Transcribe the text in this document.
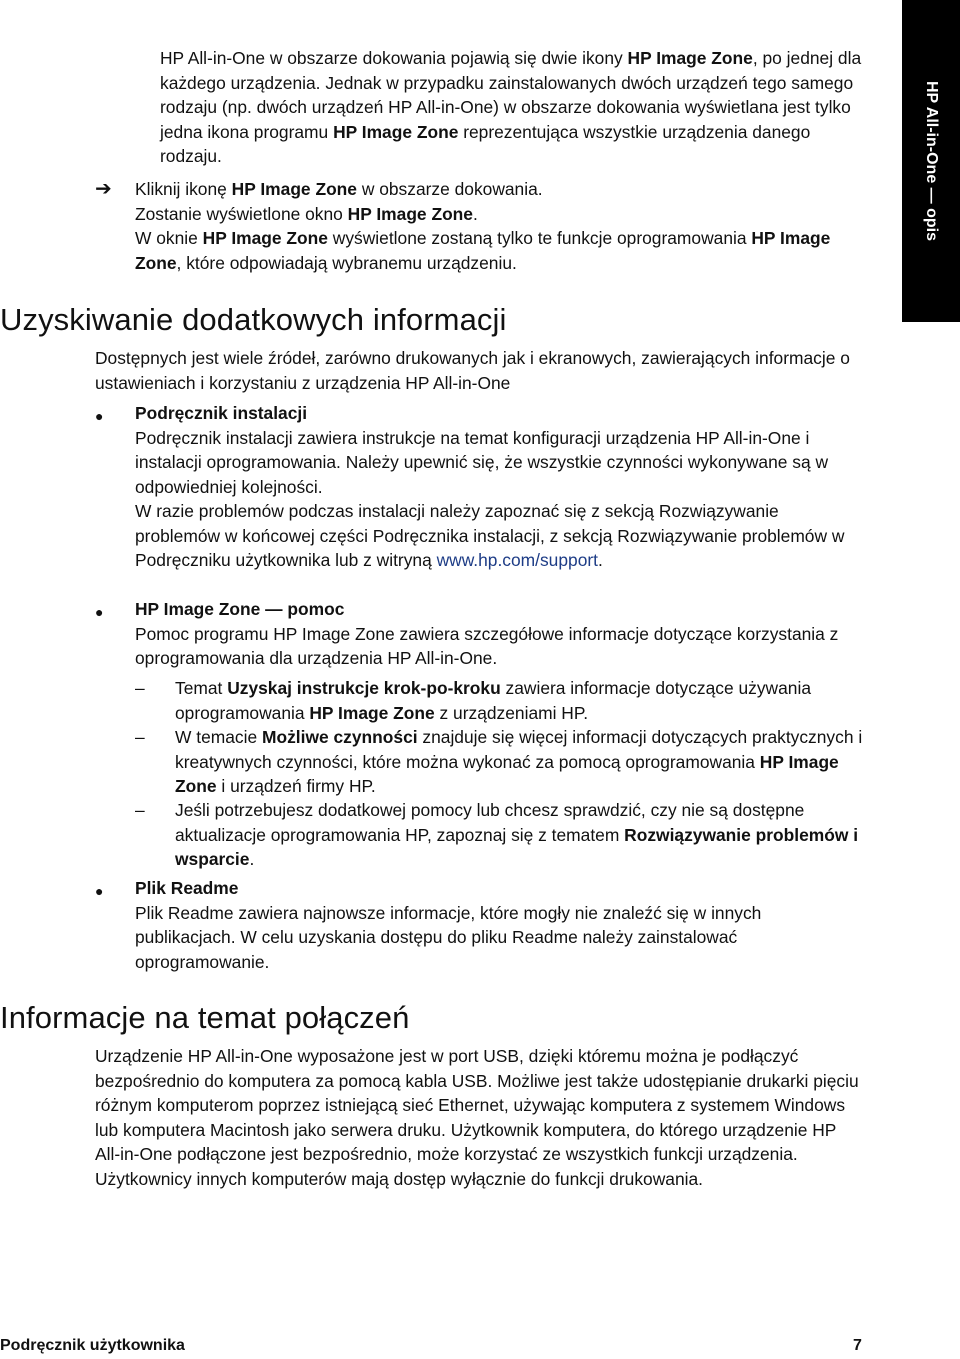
HP All-in-One — opis

HP All-in-One w obszarze dokowania pojawią się dwie ikony HP Image Zone, po jednej dla każdego urządzenia. Jednak w przypadku zainstalowanych dwóch urządzeń tego samego rodzaju (np. dwóch urządzeń HP All-in-One) w obszarze dokowania wyświetlana jest tylko jedna ikona programu HP Image Zone reprezentująca wszystkie urządzenia danego rodzaju.

➔ Kliknij ikonę HP Image Zone w obszarze dokowania.

Zostanie wyświetlone okno HP Image Zone.

W oknie HP Image Zone wyświetlone zostaną tylko te funkcje oprogramowania HP Image Zone, które odpowiadają wybranemu urządzeniu.

Uzyskiwanie dodatkowych informacji

Dostępnych jest wiele źródeł, zarówno drukowanych jak i ekranowych, zawierających informacje o ustawieniach i korzystaniu z urządzenia HP All-in-One

● Podręcznik instalacji

Podręcznik instalacji zawiera instrukcje na temat konfiguracji urządzenia HP All-in-One i instalacji oprogramowania. Należy upewnić się, że wszystkie czynności wykonywane są w odpowiedniej kolejności.

W razie problemów podczas instalacji należy zapoznać się z sekcją Rozwiązywanie problemów w końcowej części Podręcznika instalacji, z sekcją Rozwiązywanie problemów w Podręczniku użytkownika lub z witryną www.hp.com/support.

● HP Image Zone — pomoc

Pomoc programu HP Image Zone zawiera szczegółowe informacje dotyczące korzystania z oprogramowania dla urządzenia HP All-in-One.

– Temat Uzyskaj instrukcje krok-po-kroku zawiera informacje dotyczące używania oprogramowania HP Image Zone z urządzeniami HP.

– W temacie Możliwe czynności znajduje się więcej informacji dotyczących praktycznych i kreatywnych czynności, które można wykonać za pomocą oprogramowania HP Image Zone i urządzeń firmy HP.

– Jeśli potrzebujesz dodatkowej pomocy lub chcesz sprawdzić, czy nie są dostępne aktualizacje oprogramowania HP, zapoznaj się z tematem Rozwiązywanie problemów i wsparcie.

● Plik Readme

Plik Readme zawiera najnowsze informacje, które mogły nie znaleźć się w innych publikacjach. W celu uzyskania dostępu do pliku Readme należy zainstalować oprogramowanie.

Informacje na temat połączeń

Urządzenie HP All-in-One wyposażone jest w port USB, dzięki któremu można je podłączyć bezpośrednio do komputera za pomocą kabla USB. Możliwe jest także udostępianie drukarki pięciu różnym komputerom poprzez istniejącą sieć Ethernet, używając komputera z systemem Windows lub komputera Macintosh jako serwera druku. Użytkownik komputera, do którego urządzenie HP All-in-One podłączone jest bezpośrednio, może korzystać ze wszystkich funkcji urządzenia. Użytkownicy innych komputerów mają dostęp wyłącznie do funkcji drukowania.

Podręcznik użytkownika	7
